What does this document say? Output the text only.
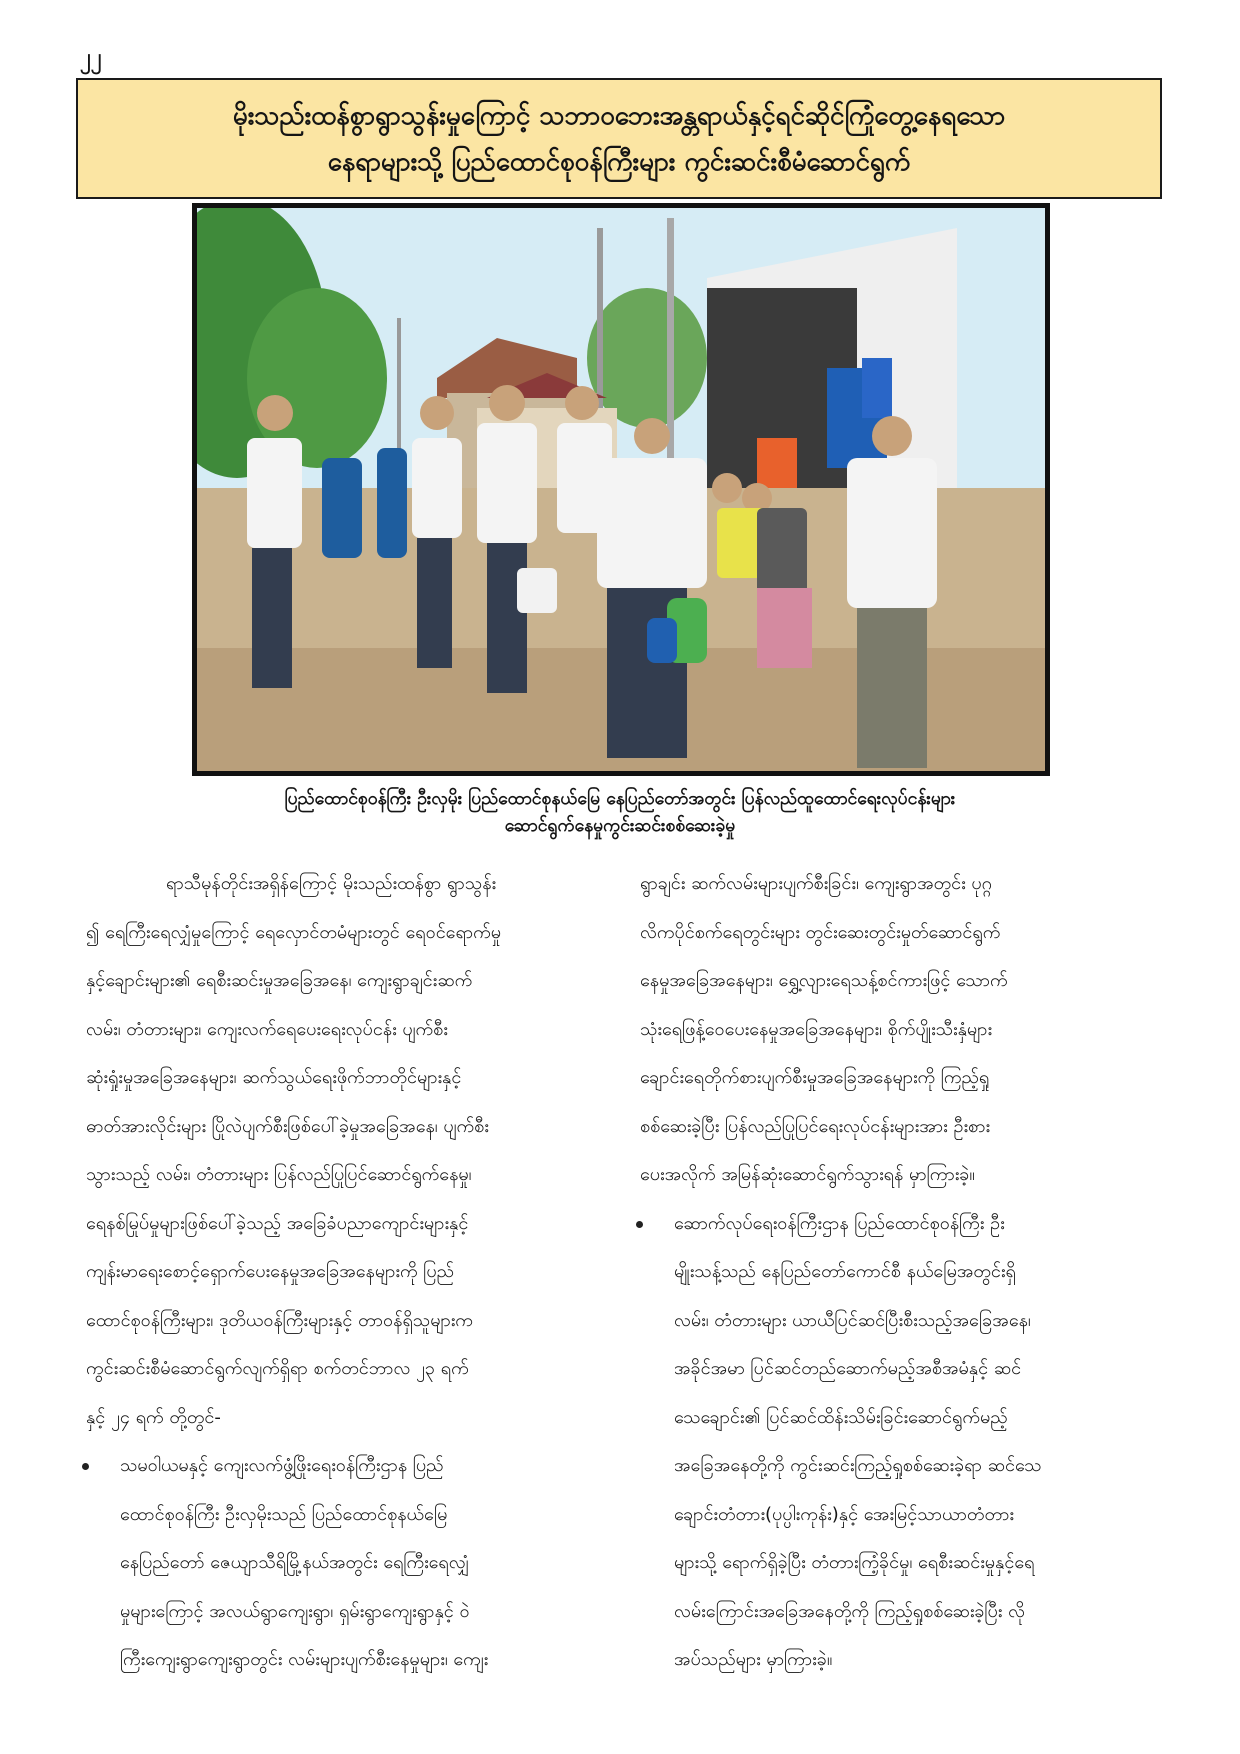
၂၂
မိုးသည်းထန်စွာရွာသွန်းမှုကြောင့် သဘာဝဘေးအန္တရာယ်နှင့်ရင်ဆိုင်ကြုံတွေ့နေရသော
နေရာများသို့ ပြည်ထောင်စုဝန်ကြီးများ ကွင်းဆင်းစီမံဆောင်ရွက်
ပြည်ထောင်စုဝန်ကြီး ဦးလှမိုး ပြည်ထောင်စုနယ်မြေ နေပြည်တော်အတွင်း ပြန်လည်ထူထောင်ရေးလုပ်ငန်းများ
ဆောင်ရွက်နေမှုကွင်းဆင်းစစ်ဆေးခဲ့မှု
ရာသီမုန်တိုင်းအရှိန်ကြောင့် မိုးသည်းထန်စွာ ရွာသွန်း
၍ ရေကြီးရေလျှံမှုကြောင့် ရေလှောင်တမံများတွင် ရေဝင်ရောက်မှု
နှင့်ချောင်းများ၏ ရေစီးဆင်းမှုအခြေအနေ၊ ကျေးရွာချင်းဆက်
လမ်း၊ တံတားများ၊ ကျေးလက်ရေပေးရေးလုပ်ငန်း ပျက်စီး
ဆုံးရှုံးမှုအခြေအနေများ၊ ဆက်သွယ်ရေးဖိုက်ဘာတိုင်များနှင့်
ဓာတ်အားလိုင်းများ ပြိုလဲပျက်စီးဖြစ်ပေါ်ခဲ့မှုအခြေအနေ၊ ပျက်စီး
သွားသည့် လမ်း၊ တံတားများ ပြန်လည်ပြုပြင်ဆောင်ရွက်နေမှု၊
ရေနစ်မြုပ်မှုများဖြစ်ပေါ်ခဲ့သည့် အခြေခံပညာကျောင်းများနှင့်
ကျန်းမာရေးစောင့်ရှောက်ပေးနေမှုအခြေအနေများကို ပြည်
ထောင်စုဝန်ကြီးများ၊ ဒုတိယဝန်ကြီးများနှင့် တာဝန်ရှိသူများက
ကွင်းဆင်းစီမံဆောင်ရွက်လျက်ရှိရာ စက်တင်ဘာလ ၂၃ ရက်
နှင့် ၂၄ ရက် တို့တွင်-
သမဝါယမနှင့် ကျေးလက်ဖွံ့ဖြိုးရေးဝန်ကြီးဌာန ပြည်
ထောင်စုဝန်ကြီး ဦးလှမိုးသည် ပြည်ထောင်စုနယ်မြေ
နေပြည်တော် ဇေယျာသီရိမြို့နယ်အတွင်း ရေကြီးရေလျှံ
မှုများကြောင့် အလယ်ရွာကျေးရွာ၊ ရှမ်းရွာကျေးရွာနှင့် ဝဲ
ကြီးကျေးရွာကျေးရွာတွင်း လမ်းများပျက်စီးနေမှုများ၊ ကျေး
ရွာချင်း ဆက်လမ်းများပျက်စီးခြင်း၊ ကျေးရွာအတွင်း ပုဂ္ဂ
လိကပိုင်စက်ရေတွင်းများ တွင်းဆေးတွင်းမှုတ်ဆောင်ရွက်
နေမှုအခြေအနေများ၊ ရွှေ့လျားရေသန့်စင်ကားဖြင့် သောက်
သုံးရေဖြန့်ဝေပေးနေမှုအခြေအနေများ၊ စိုက်ပျိုးသီးနှံများ
ချောင်းရေတိုက်စားပျက်စီးမှုအခြေအနေများကို ကြည့်ရှု
စစ်ဆေးခဲ့ပြီး ပြန်လည်ပြုပြင်ရေးလုပ်ငန်းများအား ဦးစား
ပေးအလိုက် အမြန်ဆုံးဆောင်ရွက်သွားရန် မှာကြားခဲ့။
ဆောက်လုပ်ရေးဝန်ကြီးဌာန ပြည်ထောင်စုဝန်ကြီး ဦး
မျိုးသန့်သည် နေပြည်တော်ကောင်စီ နယ်မြေအတွင်းရှိ
လမ်း၊ တံတားများ ယာယီပြင်ဆင်ပြီးစီးသည့်အခြေအနေ၊
အခိုင်အမာ ပြင်ဆင်တည်ဆောက်မည့်အစီအမံနှင့် ဆင်
သေချောင်း၏ ပြင်ဆင်ထိန်းသိမ်းခြင်းဆောင်ရွက်မည့်
အခြေအနေတို့ကို ကွင်းဆင်းကြည့်ရှုစစ်ဆေးခဲ့ရာ ဆင်သေ
ချောင်းတံတား(ပုပ္ပါးကုန်း)နှင့် အေးမြင့်သာယာတံတား
များသို့ ရောက်ရှိခဲ့ပြီး တံတားကြံ့ခိုင်မှု၊ ရေစီးဆင်းမှုနှင့်ရေ
လမ်းကြောင်းအခြေအနေတို့ကို ကြည့်ရှုစစ်ဆေးခဲ့ပြီး လို
အပ်သည်များ မှာကြားခဲ့။
